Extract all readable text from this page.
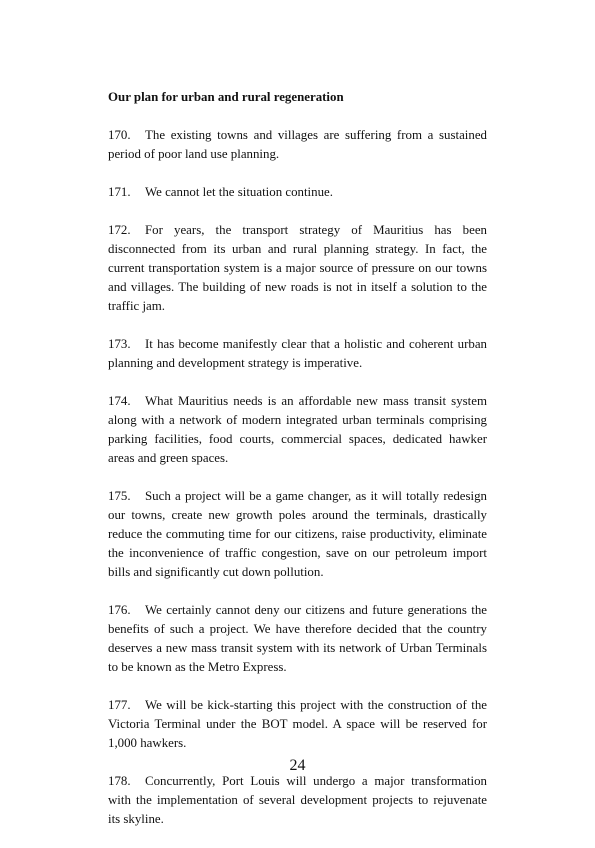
Our plan for urban and rural regeneration

170. The existing towns and villages are suffering from a sustained period of poor land use planning.

171. We cannot let the situation continue.

172. For years, the transport strategy of Mauritius has been disconnected from its urban and rural planning strategy. In fact, the current transportation system is a major source of pressure on our towns and villages. The building of new roads is not in itself a solution to the traffic jam.

173. It has become manifestly clear that a holistic and coherent urban planning and development strategy is imperative.

174. What Mauritius needs is an affordable new mass transit system along with a network of modern integrated urban terminals comprising parking facilities, food courts, commercial spaces, dedicated hawker areas and green spaces.

175. Such a project will be a game changer, as it will totally redesign our towns, create new growth poles around the terminals, drastically reduce the commuting time for our citizens, raise productivity, eliminate the inconvenience of traffic congestion, save on our petroleum import bills and significantly cut down pollution.

176. We certainly cannot deny our citizens and future generations the benefits of such a project. We have therefore decided that the country deserves a new mass transit system with its network of Urban Terminals to be known as the Metro Express.

177. We will be kick-starting this project with the construction of the Victoria Terminal under the BOT model. A space will be reserved for 1,000 hawkers.

178. Concurrently, Port Louis will undergo a major transformation with the implementation of several development projects to rejuvenate its skyline.

24
